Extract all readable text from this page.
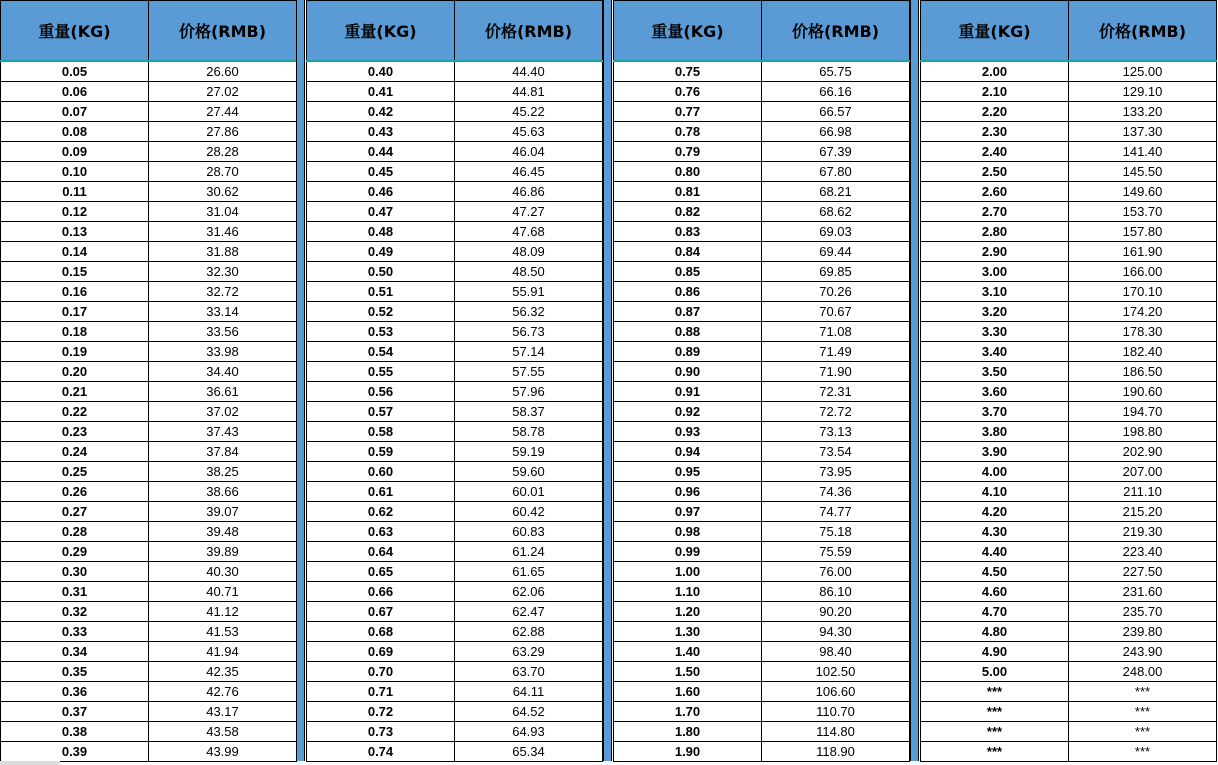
重量(KG)	价格(RMB)
0.05	26.60
0.06	27.02
0.07	27.44
0.08	27.86
0.09	28.28
0.10	28.70
0.11	30.62
0.12	31.04
0.13	31.46
0.14	31.88
0.15	32.30
0.16	32.72
0.17	33.14
0.18	33.56
0.19	33.98
0.20	34.40
0.21	36.61
0.22	37.02
0.23	37.43
0.24	37.84
0.25	38.25
0.26	38.66
0.27	39.07
0.28	39.48
0.29	39.89
0.30	40.30
0.31	40.71
0.32	41.12
0.33	41.53
0.34	41.94
0.35	42.35
0.36	42.76
0.37	43.17
0.38	43.58
0.39	43.99
重量(KG)	价格(RMB)
0.40	44.40
0.41	44.81
0.42	45.22
0.43	45.63
0.44	46.04
0.45	46.45
0.46	46.86
0.47	47.27
0.48	47.68
0.49	48.09
0.50	48.50
0.51	55.91
0.52	56.32
0.53	56.73
0.54	57.14
0.55	57.55
0.56	57.96
0.57	58.37
0.58	58.78
0.59	59.19
0.60	59.60
0.61	60.01
0.62	60.42
0.63	60.83
0.64	61.24
0.65	61.65
0.66	62.06
0.67	62.47
0.68	62.88
0.69	63.29
0.70	63.70
0.71	64.11
0.72	64.52
0.73	64.93
0.74	65.34
重量(KG)	价格(RMB)
0.75	65.75
0.76	66.16
0.77	66.57
0.78	66.98
0.79	67.39
0.80	67.80
0.81	68.21
0.82	68.62
0.83	69.03
0.84	69.44
0.85	69.85
0.86	70.26
0.87	70.67
0.88	71.08
0.89	71.49
0.90	71.90
0.91	72.31
0.92	72.72
0.93	73.13
0.94	73.54
0.95	73.95
0.96	74.36
0.97	74.77
0.98	75.18
0.99	75.59
1.00	76.00
1.10	86.10
1.20	90.20
1.30	94.30
1.40	98.40
1.50	102.50
1.60	106.60
1.70	110.70
1.80	114.80
1.90	118.90
重量(KG)	价格(RMB)
2.00	125.00
2.10	129.10
2.20	133.20
2.30	137.30
2.40	141.40
2.50	145.50
2.60	149.60
2.70	153.70
2.80	157.80
2.90	161.90
3.00	166.00
3.10	170.10
3.20	174.20
3.30	178.30
3.40	182.40
3.50	186.50
3.60	190.60
3.70	194.70
3.80	198.80
3.90	202.90
4.00	207.00
4.10	211.10
4.20	215.20
4.30	219.30
4.40	223.40
4.50	227.50
4.60	231.60
4.70	235.70
4.80	239.80
4.90	243.90
5.00	248.00
***	***
***	***
***	***
***	***
